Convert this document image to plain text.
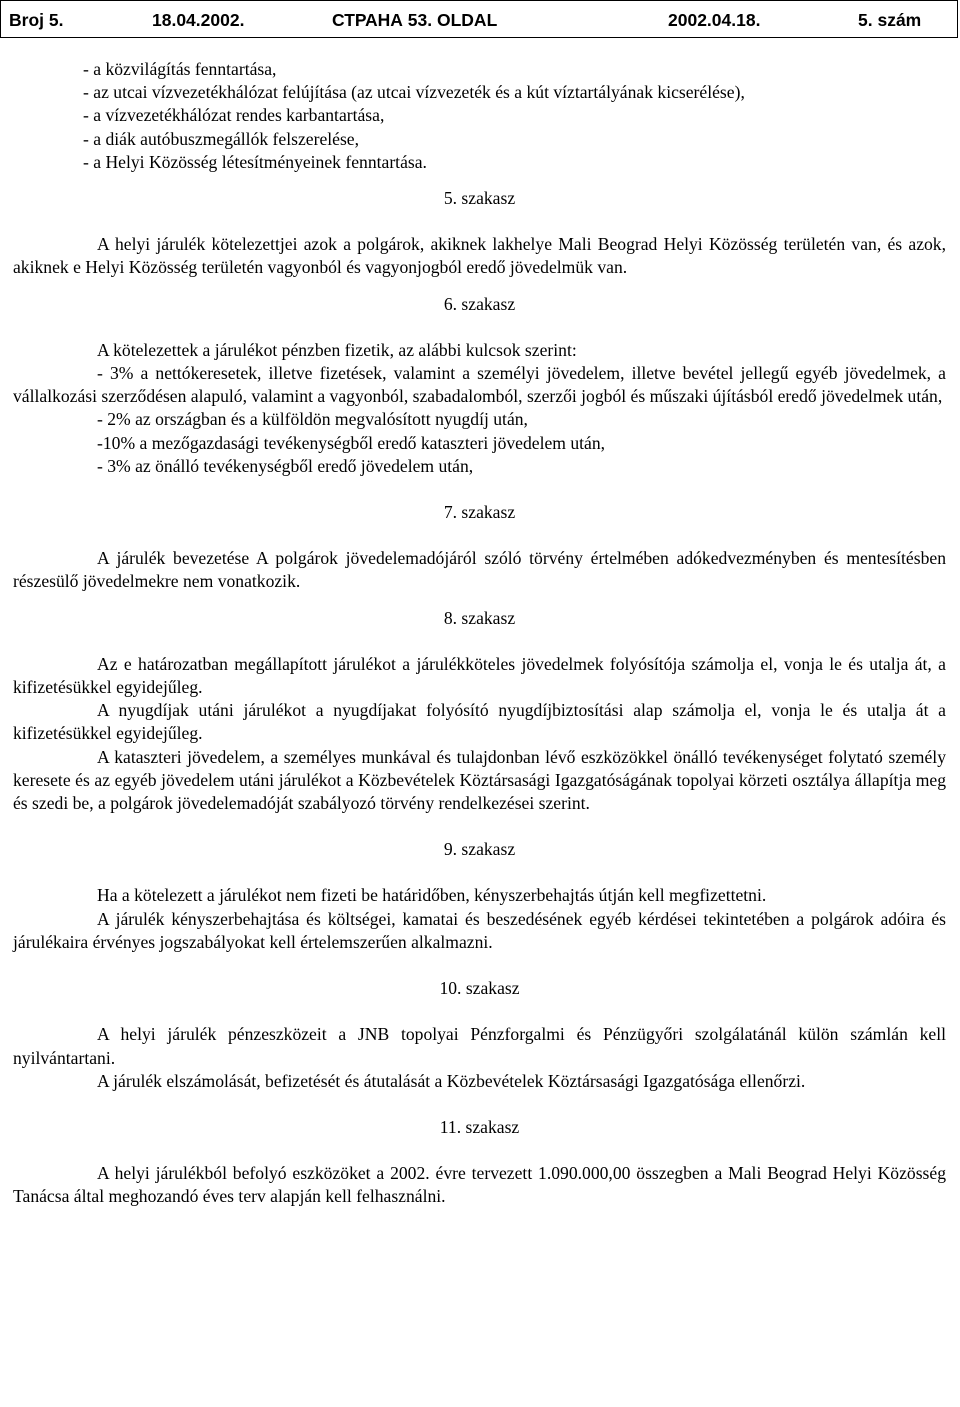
Broj 5.	18.04.2002.	СТРАНА 53. OLDAL	2002.04.18.	5. szám

- a közvilágítás fenntartása,

- az utcai vízvezetékhálózat felújítása (az utcai vízvezeték és a kút víztartályának kicserélése),

- a vízvezetékhálózat rendes karbantartása,

- a diák autóbuszmegállók felszerelése,

- a Helyi Közösség létesítményeinek fenntartása.

5. szakasz

A helyi járulék kötelezettjei azok a polgárok, akiknek lakhelye Mali Beograd Helyi Közösség területén van, és azok, akiknek e Helyi Közösség területén vagyonból és vagyonjogból eredő jövedelmük van.

6. szakasz

A kötelezettek a járulékot pénzben fizetik, az alábbi kulcsok szerint:

- 3% a nettókeresetek, illetve fizetések, valamint a személyi jövedelem, illetve bevétel jellegű egyéb jövedelmek, a vállalkozási szerződésen alapuló, valamint a vagyonból, szabadalomból, szerzői jogból és műszaki újításból eredő jövedelmek után,

- 2% az országban és a külföldön megvalósított nyugdíj után,

-10% a mezőgazdasági tevékenységből eredő kataszteri jövedelem után,

- 3% az önálló tevékenységből eredő jövedelem után,

7. szakasz

A járulék bevezetése A polgárok jövedelemadójáról szóló törvény értelmében adókedvezményben és mentesítésben részesülő jövedelmekre nem vonatkozik.

8. szakasz

Az e határozatban megállapított járulékot a járulékköteles jövedelmek folyósítója számolja el, vonja le és utalja át, a kifizetésükkel egyidejűleg.

A nyugdíjak utáni járulékot a nyugdíjakat folyósító nyugdíjbiztosítási alap számolja el, vonja le és utalja át a kifizetésükkel egyidejűleg.

A kataszteri jövedelem, a személyes munkával és tulajdonban lévő eszközökkel önálló tevékenységet folytató személy keresete és az egyéb jövedelem utáni járulékot a Közbevételek Köztársasági Igazgatóságának topolyai körzeti osztálya állapítja meg és szedi be, a polgárok jövedelemadóját szabályozó törvény rendelkezései szerint.

9. szakasz

Ha a kötelezett a járulékot nem fizeti be határidőben, kényszerbehajtás útján kell megfizettetni.

A járulék kényszerbehajtása és költségei, kamatai és beszedésének egyéb kérdései tekintetében a polgárok adóira és járulékaira érvényes jogszabályokat kell értelemszerűen alkalmazni.

10. szakasz

A helyi járulék pénzeszközeit a JNB topolyai Pénzforgalmi és Pénzügyőri szolgálatánál külön számlán kell nyilvántartani.

A járulék elszámolását, befizetését és átutalását a Közbevételek Köztársasági Igazgatósága ellenőrzi.

11. szakasz

A helyi járulékból befolyó eszközöket a 2002. évre tervezett 1.090.000,00 összegben a Mali Beograd Helyi Közösség Tanácsa által meghozandó éves terv alapján kell felhasználni.
